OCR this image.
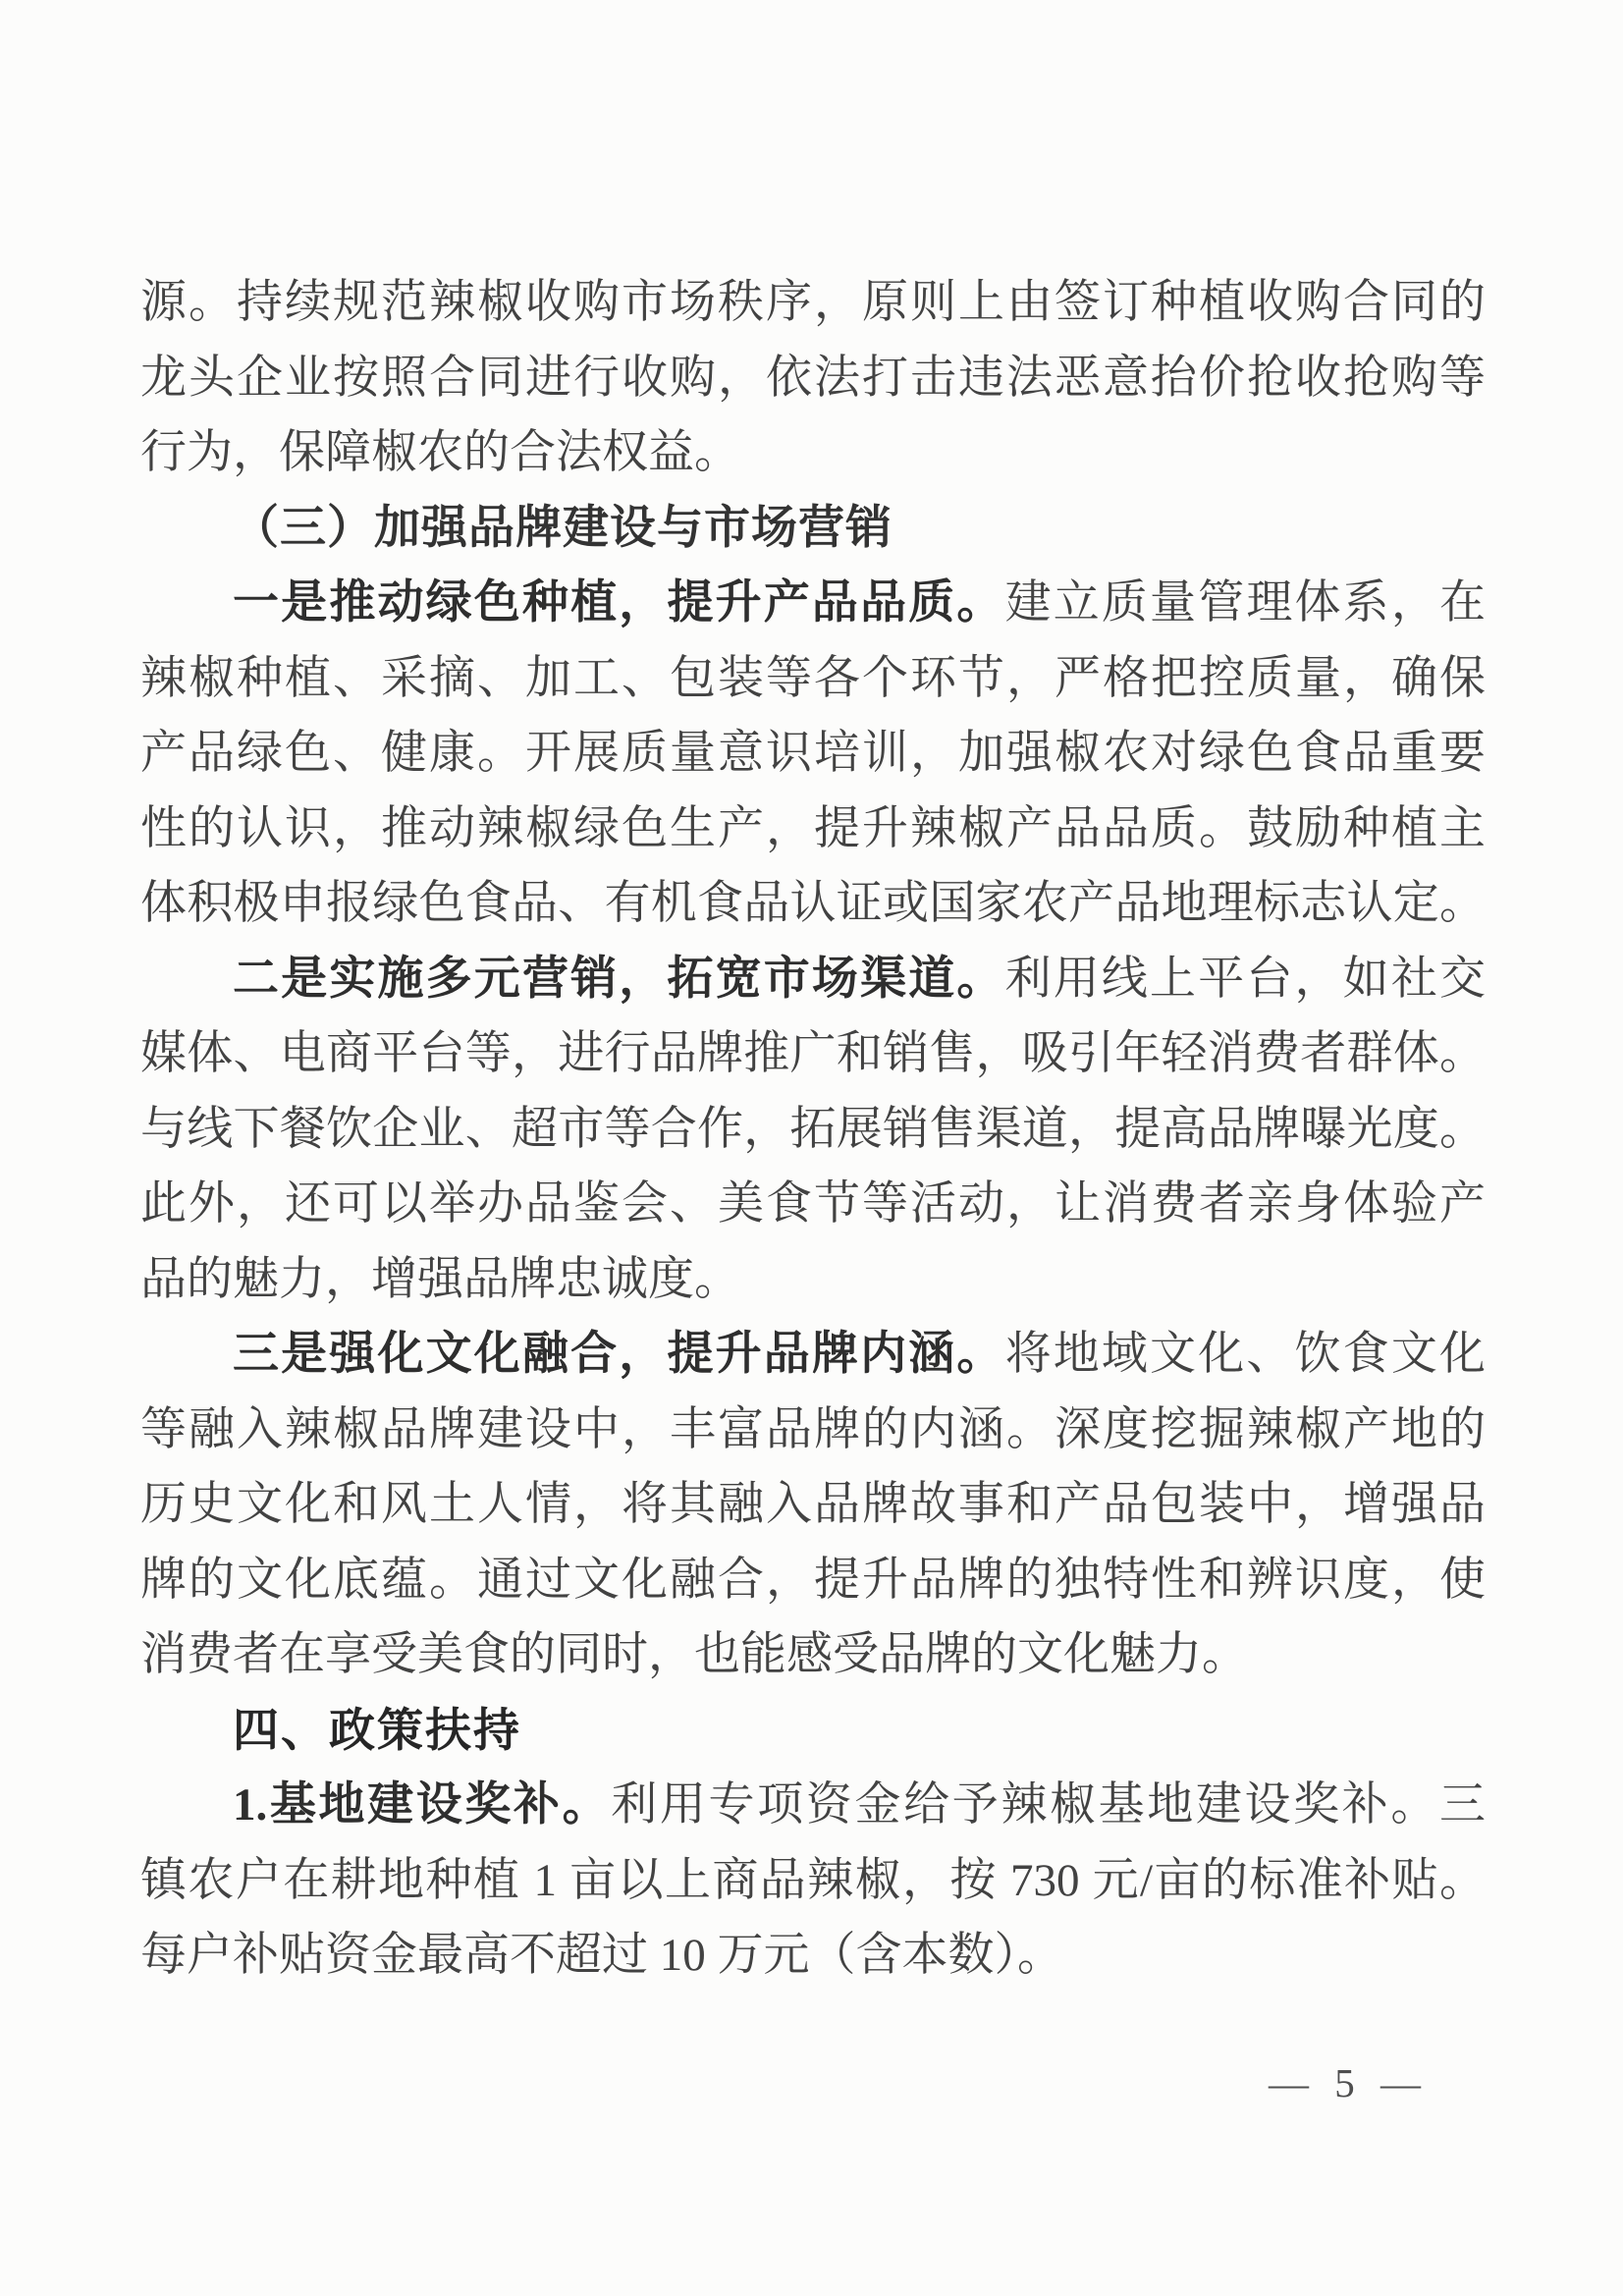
源。持续规范辣椒收购市场秩序，原则上由签订种植收购合同的
龙头企业按照合同进行收购，依法打击违法恶意抬价抢收抢购等
行为，保障椒农的合法权益。
（三）加强品牌建设与市场营销
一是推动绿色种植，提升产品品质。建立质量管理体系，在
辣椒种植、采摘、加工、包装等各个环节，严格把控质量，确保
产品绿色、健康。开展质量意识培训，加强椒农对绿色食品重要
性的认识，推动辣椒绿色生产，提升辣椒产品品质。鼓励种植主
体积极申报绿色食品、有机食品认证或国家农产品地理标志认定。
二是实施多元营销，拓宽市场渠道。利用线上平台，如社交
媒体、电商平台等，进行品牌推广和销售，吸引年轻消费者群体。
与线下餐饮企业、超市等合作，拓展销售渠道，提高品牌曝光度。
此外，还可以举办品鉴会、美食节等活动，让消费者亲身体验产
品的魅力，增强品牌忠诚度。
三是强化文化融合，提升品牌内涵。将地域文化、饮食文化
等融入辣椒品牌建设中，丰富品牌的内涵。深度挖掘辣椒产地的
历史文化和风土人情，将其融入品牌故事和产品包装中，增强品
牌的文化底蕴。通过文化融合，提升品牌的独特性和辨识度，使
消费者在享受美食的同时，也能感受品牌的文化魅力。
四、政策扶持
1.基地建设奖补。利用专项资金给予辣椒基地建设奖补。三
镇农户在耕地种植 1 亩以上商品辣椒，按 730 元/亩的标准补贴。
每户补贴资金最高不超过 10 万元（含本数）。
— 5 —
